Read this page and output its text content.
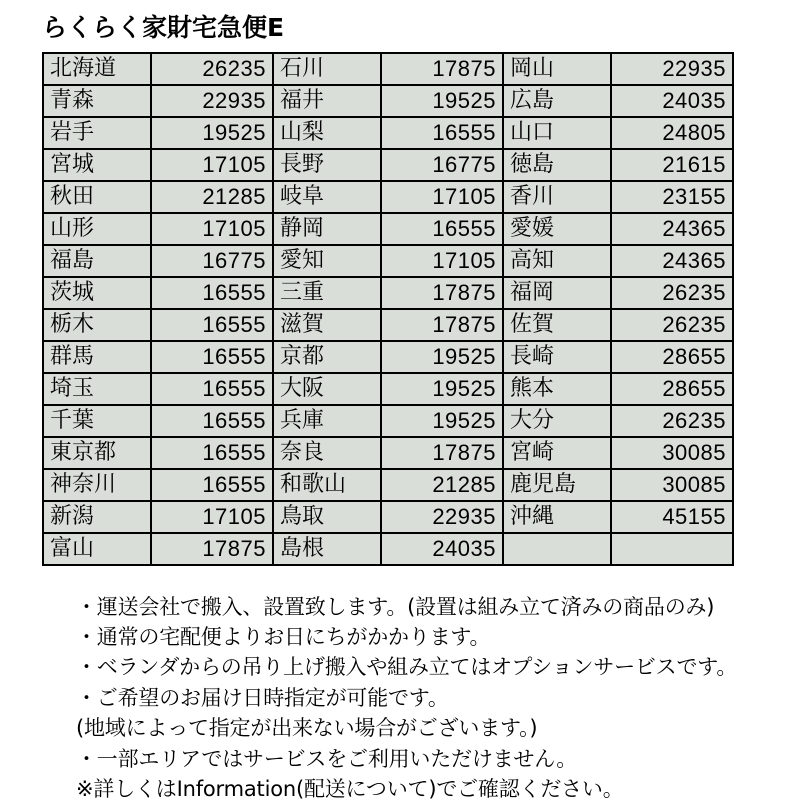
らくらく家財宅急便E
北海道	26235	石川	17875	岡山	22935
青森	22935	福井	19525	広島	24035
岩手	19525	山梨	16555	山口	24805
宮城	17105	長野	16775	徳島	21615
秋田	21285	岐阜	17105	香川	23155
山形	17105	静岡	16555	愛媛	24365
福島	16775	愛知	17105	高知	24365
茨城	16555	三重	17875	福岡	26235
栃木	16555	滋賀	17875	佐賀	26235
群馬	16555	京都	19525	長崎	28655
埼玉	16555	大阪	19525	熊本	28655
千葉	16555	兵庫	19525	大分	26235
東京都	16555	奈良	17875	宮崎	30085
神奈川	16555	和歌山	21285	鹿児島	30085
新潟	17105	鳥取	22935	沖縄	45155
富山	17875	島根	24035		
・運送会社で搬入、設置致します。(設置は組み立て済みの商品のみ)
・通常の宅配便よりお日にちがかかります。
・ベランダからの吊り上げ搬入や組み立てはオプションサービスです。
・ご希望のお届け日時指定が可能です。
(地域によって指定が出来ない場合がございます。)
・一部エリアではサービスをご利用いただけません。
※詳しくはInformation(配送について)でご確認ください。
